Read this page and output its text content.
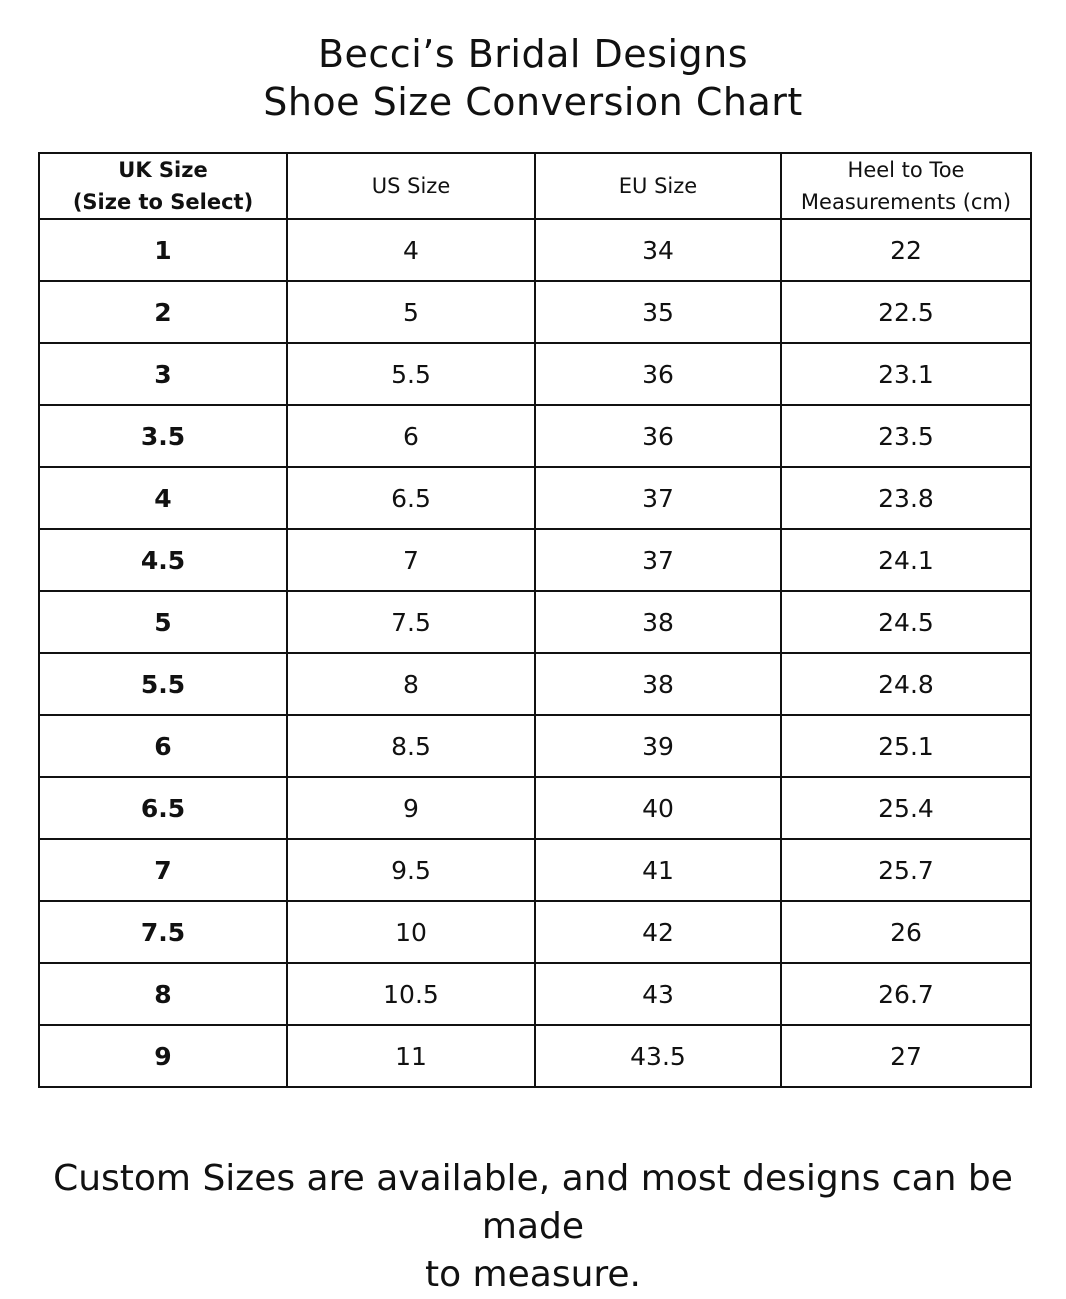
Becci’s Bridal Designs
Shoe Size Conversion Chart
UK Size
(Size to Select)	US Size	EU Size	Heel to Toe
Measurements (cm)
1	4	34	22
2	5	35	22.5
3	5.5	36	23.1
3.5	6	36	23.5
4	6.5	37	23.8
4.5	7	37	24.1
5	7.5	38	24.5
5.5	8	38	24.8
6	8.5	39	25.1
6.5	9	40	25.4
7	9.5	41	25.7
7.5	10	42	26
8	10.5	43	26.7
9	11	43.5	27
Custom Sizes are available, and most designs can be made
to measure.
